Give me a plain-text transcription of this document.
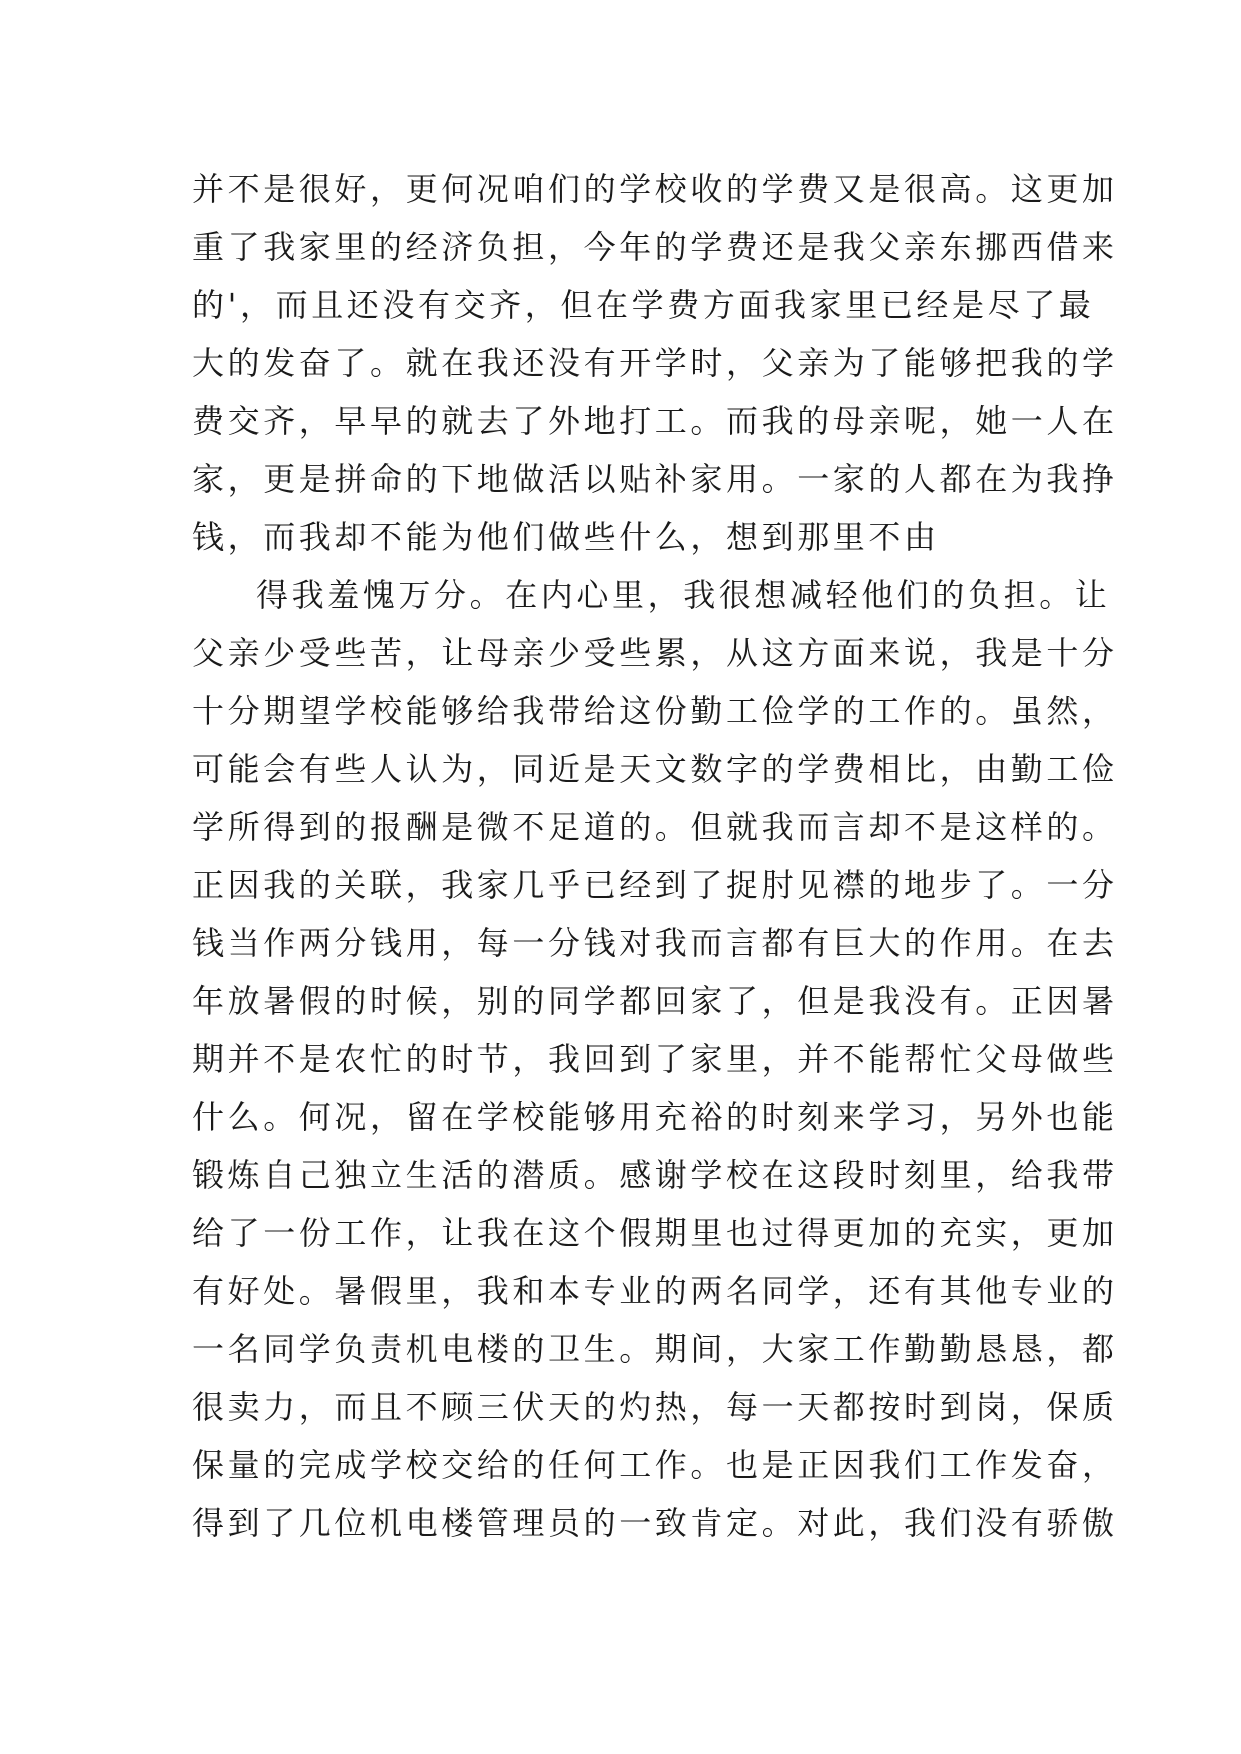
并不是很好，更何况咱们的学校收的学费又是很高。这更加
重了我家里的经济负担，今年的学费还是我父亲东挪西借来
的'，而且还没有交齐，但在学费方面我家里已经是尽了最
大的发奋了。就在我还没有开学时，父亲为了能够把我的学
费交齐，早早的就去了外地打工。而我的母亲呢，她一人在
家，更是拼命的下地做活以贴补家用。一家的人都在为我挣
钱，而我却不能为他们做些什么，想到那里不由
得我羞愧万分。在内心里，我很想减轻他们的负担。让
父亲少受些苦，让母亲少受些累，从这方面来说，我是十分
十分期望学校能够给我带给这份勤工俭学的工作的。虽然，
可能会有些人认为，同近是天文数字的学费相比，由勤工俭
学所得到的报酬是微不足道的。但就我而言却不是这样的。
正因我的关联，我家几乎已经到了捉肘见襟的地步了。一分
钱当作两分钱用，每一分钱对我而言都有巨大的作用。在去
年放暑假的时候，别的同学都回家了，但是我没有。正因暑
期并不是农忙的时节，我回到了家里，并不能帮忙父母做些
什么。何况，留在学校能够用充裕的时刻来学习，另外也能
锻炼自己独立生活的潜质。感谢学校在这段时刻里，给我带
给了一份工作，让我在这个假期里也过得更加的充实，更加
有好处。暑假里，我和本专业的两名同学，还有其他专业的
一名同学负责机电楼的卫生。期间，大家工作勤勤恳恳，都
很卖力，而且不顾三伏天的灼热，每一天都按时到岗，保质
保量的完成学校交给的任何工作。也是正因我们工作发奋，
得到了几位机电楼管理员的一致肯定。对此，我们没有骄傲
